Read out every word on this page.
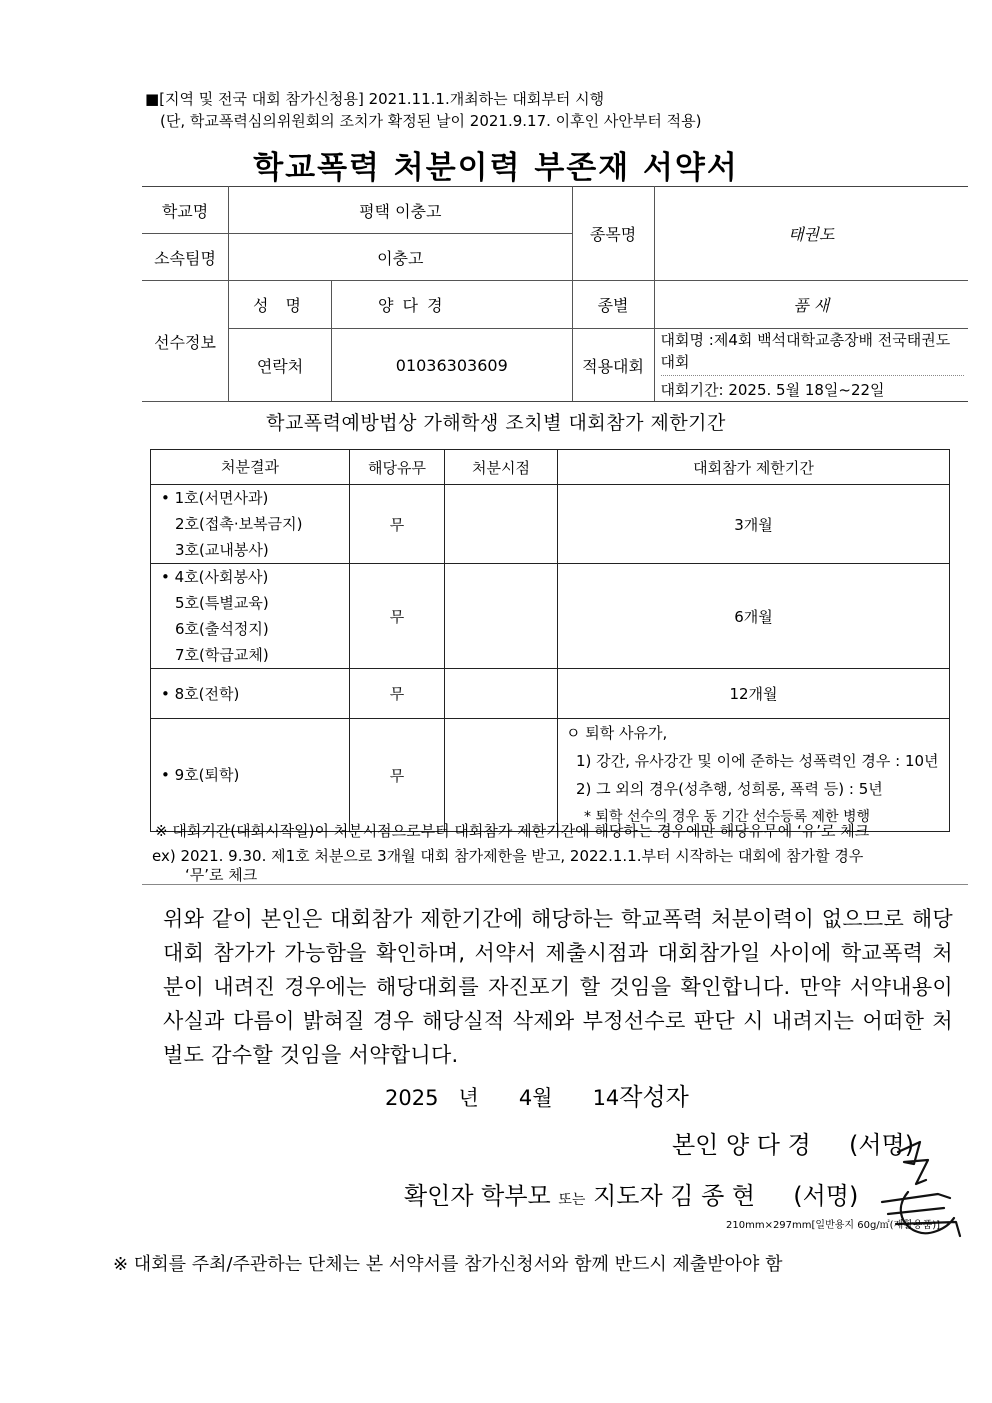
■[지역 및 전국 대회 참가신청용] 2021.11.1.개최하는 대회부터 시행
(단, 학교폭력심의위원회의 조치가 확정된 날이 2021.9.17. 이후인 사안부터 적용)
학교폭력 처분이력 부존재 서약서
학교명	평택 이충고		종목명	태권도
소속팀명	이충고			
선수정보	성 명	양 다 경	종별	품 새
	연락처	01036303609	적용대회	대회명 :제4회 백석대학교총장배 전국태권도대회
대회기간: 2025. 5월 18일~22일
학교폭력예방법상 가해학생 조치별 대회참가 제한기간
처분결과	해당유무	처분시점	대회참가 제한기간

• 1호(서면사과)
2호(접촉·보복금지)
3호(교내봉사)	무		3개월

• 4호(사회봉사)
5호(특별교육)
6호(출석정지)
7호(학급교체)	무		6개월
• 8호(전학)	무		12개월
• 9호(퇴학)	무		ㅇ 퇴학 사유가,
1) 강간, 유사강간 및 이에 준하는 성폭력인 경우 : 10년
2) 그 외의 경우(성추행, 성희롱, 폭력 등) : 5년
* 퇴학 선수의 경우 동 기간 선수등록 제한 병행
※ 대회기간(대회시작일)이 처분시점으로부터 대회참가 제한기간에 해당하는 경우에만 해당유무에 ‘유’로 체크
ex) 2021. 9.30. 제1호 처분으로 3개월 대회 참가제한을 받고, 2022.1.1.부터 시작하는 대회에 참가할 경우
‘무’로 체크
위와 같이 본인은 대회참가 제한기간에 해당하는 학교폭력 처분이력이 없으므로 해당 대회 참가가 가능함을 확인하며, 서약서 제출시점과 대회참가일 사이에 학교폭력 처분이 내려진 경우에는 해당대회를 자진포기 할 것임을 확인합니다. 만약 서약내용이 사실과 다름이 밝혀질 경우 해당실적 삭제와 부정선수로 판단 시 내려지는 어떠한 처벌도 감수할 것임을 서약합니다.
2025 년 4월 14작성자
본인 양 다 경 (서명)
확인자 학부모 또는 지도자 김 종 현 (서명)
210mm×297mm[일반용지 60g/㎡(재활용품)]
※ 대회를 주최/주관하는 단체는 본 서약서를 참가신청서와 함께 반드시 제출받아야 함
